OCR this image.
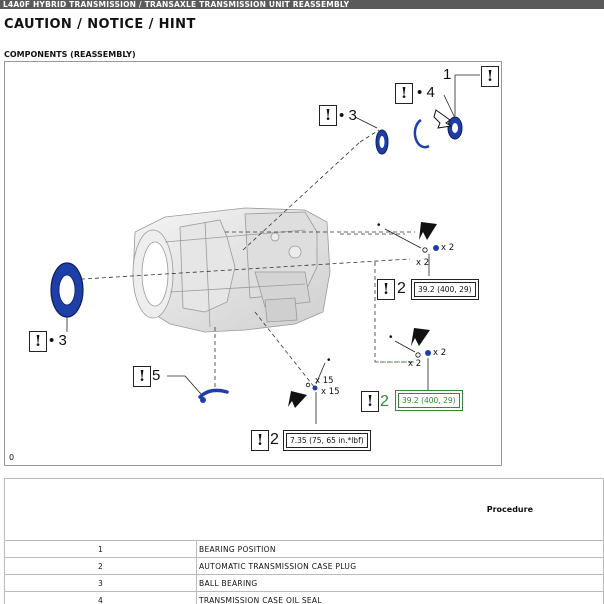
L4A0F HYBRID TRANSMISSION / TRANSAXLE TRANSMISSION UNIT REASSEMBLY
CAUTION / NOTICE / HINT
COMPONENTS (REASSEMBLY)
1	!
! • 4
! • 3
! • 3
! 5
•
•
•
x 2
x 2
x 2
x 2
x 15
x 15
! 2	39.2 (400, 29)
! 2	39.2 (400, 29)
! 2	7.35 (75, 65 in.*lbf)
0
Procedure	
1	BEARING POSITION
2	AUTOMATIC TRANSMISSION CASE PLUG
3	BALL BEARING
4	TRANSMISSION CASE OIL SEAL
